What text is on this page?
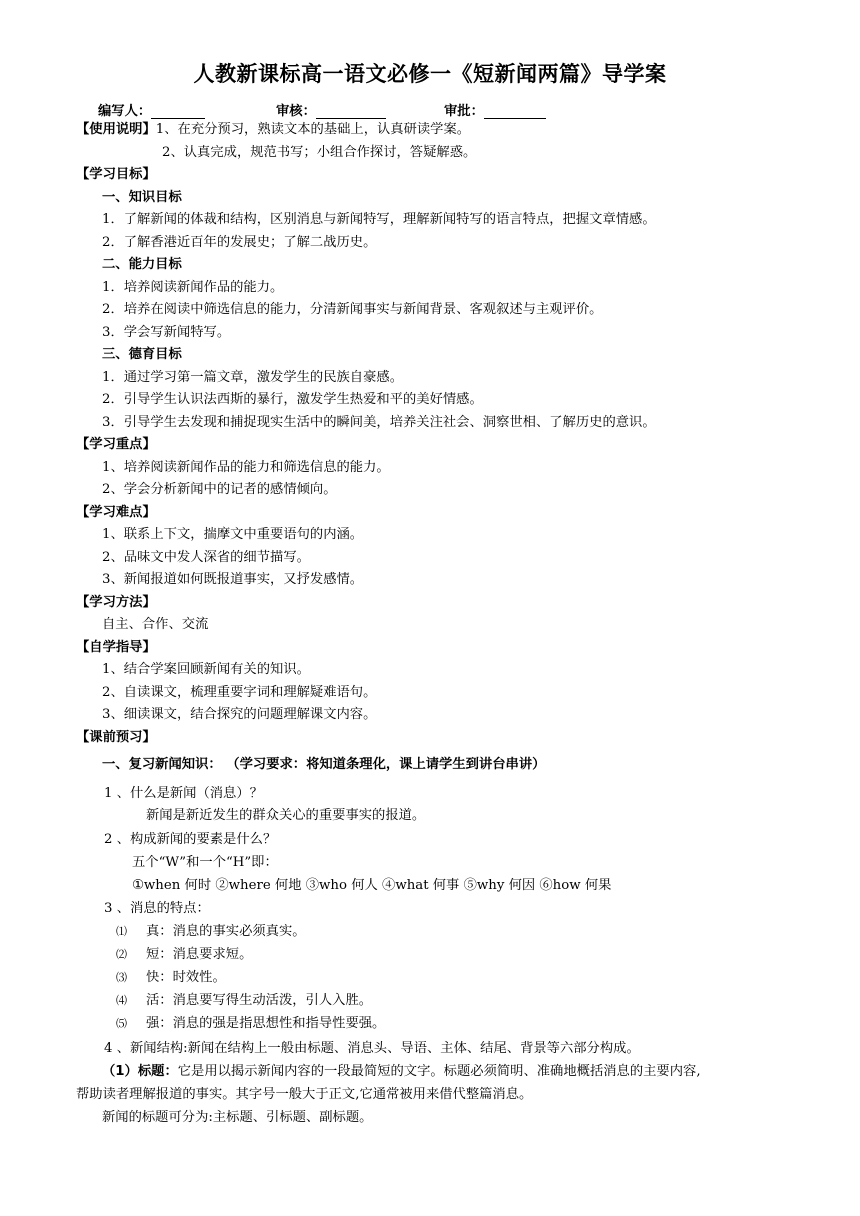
人教新课标高一语文必修一《短新闻两篇》导学案
编写人：	审核：	审批：
【使用说明】1、在充分预习，熟读文本的基础上，认真研读学案。
2、认真完成，规范书写；小组合作探讨，答疑解惑。
【学习目标】
一、知识目标
1．了解新闻的体裁和结构，区别消息与新闻特写，理解新闻特写的语言特点，把握文章情感。
2．了解香港近百年的发展史；了解二战历史。
二、能力目标
1．培养阅读新闻作品的能力。
2．培养在阅读中筛选信息的能力，分清新闻事实与新闻背景、客观叙述与主观评价。
3．学会写新闻特写。
三、德育目标
1．通过学习第一篇文章，激发学生的民族自豪感。
2．引导学生认识法西斯的暴行，激发学生热爱和平的美好情感。
3．引导学生去发现和捕捉现实生活中的瞬间美，培养关注社会、洞察世相、了解历史的意识。
【学习重点】
1、培养阅读新闻作品的能力和筛选信息的能力。
2、学会分析新闻中的记者的感情倾向。
【学习难点】
1、联系上下文，揣摩文中重要语句的内涵。
2、品味文中发人深省的细节描写。
3、新闻报道如何既报道事实，又抒发感情。
【学习方法】
自主、合作、交流
【自学指导】
1、结合学案回顾新闻有关的知识。
2、自读课文，梳理重要字词和理解疑难语句。
3、细读课文，结合探究的问题理解课文内容。
【课前预习】
一、复习新闻知识： （学习要求：将知道条理化，课上请学生到讲台串讲）
1 、什么是新闻（消息）？
新闻是新近发生的群众关心的重要事实的报道。
2 、构成新闻的要素是什么？
五个“W”和一个“H”即：
①when 何时 ②where 何地 ③who 何人 ④what 何事 ⑤why 何因 ⑥how 何果
3 、消息的特点：
⑴ 真：消息的事实必须真实。
⑵ 短：消息要求短。
⑶ 快：时效性。
⑷ 活：消息要写得生动活泼，引人入胜。
⑸ 强：消息的强是指思想性和指导性要强。
4 、新闻结构:新闻在结构上一般由标题、消息头、导语、主体、结尾、背景等六部分构成。
（1）标题：它是用以揭示新闻内容的一段最简短的文字。标题必须简明、准确地概括消息的主要内容,
帮助读者理解报道的事实。其字号一般大于正文,它通常被用来借代整篇消息。
新闻的标题可分为:主标题、引标题、副标题。
